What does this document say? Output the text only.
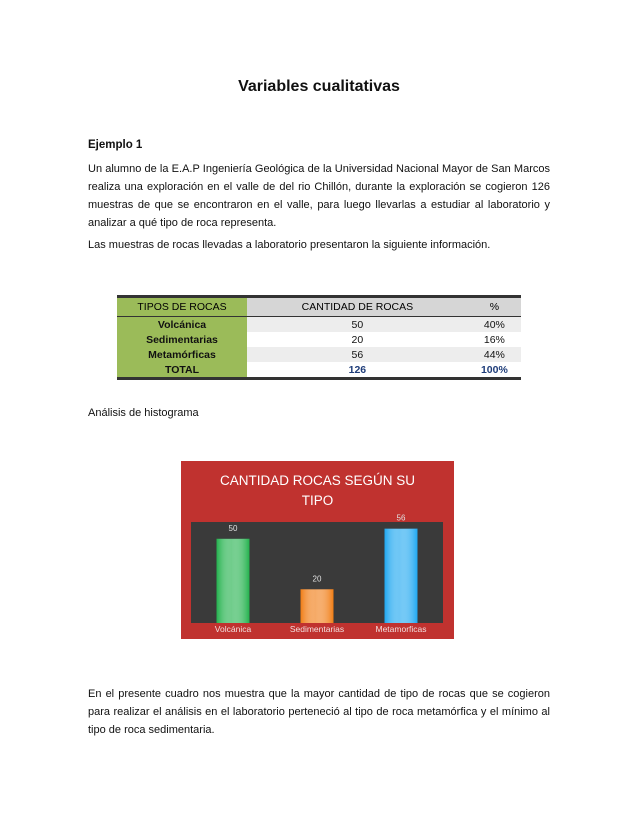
Variables cualitativas
Ejemplo 1
Un alumno de la E.A.P Ingeniería Geológica de la Universidad Nacional Mayor de San Marcos realiza una exploración en el valle de del rio Chillón, durante la exploración se cogieron 126 muestras de que se encontraron en el valle, para luego llevarlas a estudiar al laboratorio y analizar a qué tipo de roca representa.
Las muestras de rocas llevadas a laboratorio presentaron la siguiente información.
TIPOS DE ROCAS	CANTIDAD DE ROCAS	%
Volcánica	50	40%
Sedimentarias	20	16%
Metamórficas	56	44%
TOTAL	126	100%
Análisis de histograma
CANTIDAD ROCAS SEGÚN SU
TIPO
50
Volcánica
20
Sedimentarias
56
Metamorficas
En el presente cuadro nos muestra que la mayor cantidad de tipo de rocas que se cogieron para realizar el análisis en el laboratorio perteneció al tipo de roca metamórfica y el mínimo al tipo de roca sedimentaria.
